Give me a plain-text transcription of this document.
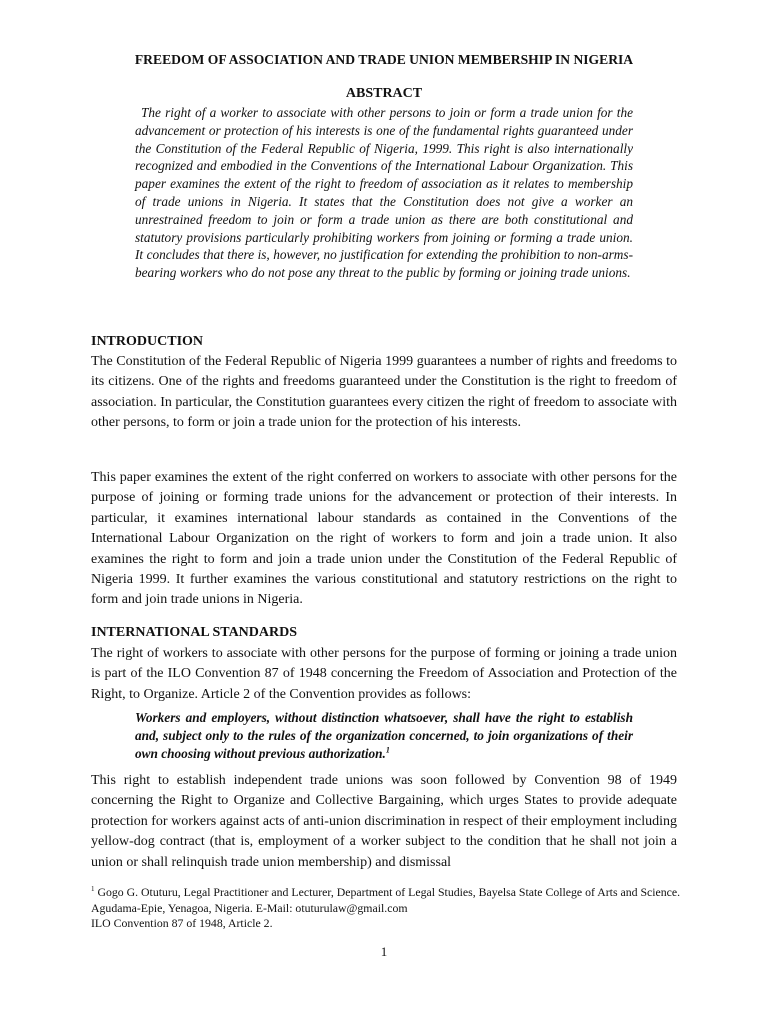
FREEDOM OF ASSOCIATION AND TRADE UNION MEMBERSHIP IN NIGERIA
ABSTRACT

The right of a worker to associate with other persons to join or form a trade union for the advancement or protection of his interests is one of the fundamental rights guaranteed under the Constitution of the Federal Republic of Nigeria, 1999. This right is also internationally recognized and embodied in the Conventions of the International Labour Organization. This paper examines the extent of the right to freedom of association as it relates to membership of trade unions in Nigeria. It states that the Constitution does not give a worker an unrestrained freedom to join or form a trade union as there are both constitutional and statutory provisions particularly prohibiting workers from joining or forming a trade union. It concludes that there is, however, no justification for extending the prohibition to non-arms-bearing workers who do not pose any threat to the public by forming or joining trade unions.

INTRODUCTION

The Constitution of the Federal Republic of Nigeria 1999 guarantees a number of rights and freedoms to its citizens. One of the rights and freedoms guaranteed under the Constitution is the right to freedom of association. In particular, the Constitution guarantees every citizen the right of freedom to associate with other persons, to form or join a trade union for the protection of his interests.

This paper examines the extent of the right conferred on workers to associate with other persons for the purpose of joining or forming trade unions for the advancement or protection of their interests. In particular, it examines international labour standards as contained in the Conventions of the International Labour Organization on the right of workers to form and join a trade union. It also examines the right to form and join a trade union under the Constitution of the Federal Republic of Nigeria 1999. It further examines the various constitutional and statutory restrictions on the right to form and join trade unions in Nigeria.

INTERNATIONAL STANDARDS

The right of workers to associate with other persons for the purpose of forming or joining a trade union is part of the ILO Convention 87 of 1948 concerning the Freedom of Association and Protection of the Right, to Organize. Article 2 of the Convention provides as follows:

Workers and employers, without distinction whatsoever, shall have the right to establish and, subject only to the rules of the organization concerned, to join organizations of their own choosing without previous authorization.$^1$

This right to establish independent trade unions was soon followed by Convention 98 of 1949 concerning the Right to Organize and Collective Bargaining, which urges States to provide adequate protection for workers against acts of anti-union discrimination in respect of their employment including yellow-dog contract (that is, employment of a worker subject to the condition that he shall not join a union or shall relinquish trade union membership) and dismissal

$^1$ Gogo G. Otuturu, Legal Practitioner and Lecturer, Department of Legal Studies, Bayelsa State College of Arts and Science. Agudama-Epie, Yenagoa, Nigeria. E-Mail: otuturulaw@gmail.com

ILO Convention 87 of 1948, Article 2.

1
